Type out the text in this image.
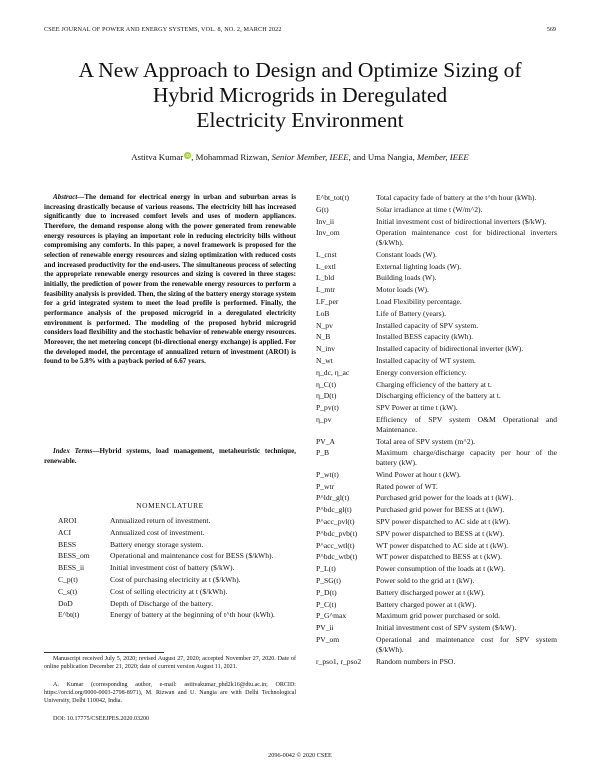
CSEE JOURNAL OF POWER AND ENERGY SYSTEMS, VOL. 8, NO. 2, MARCH 2022	569
A New Approach to Design and Optimize Sizing of
Hybrid Microgrids in Deregulated
Electricity Environment
Astitva Kumar iD, Mohammad Rizwan, Senior Member, IEEE, and Uma Nangia, Member, IEEE

Abstract—The demand for electrical energy in urban and suburban areas is increasing drastically because of various reasons. The electricity bill has increased significantly due to increased comfort levels and uses of modern appliances. Therefore, the demand response along with the power generated from renewable energy resources is playing an important role in reducing electricity bills without compromising any comforts. In this paper, a novel framework is proposed for the selection of renewable energy resources and sizing optimization with reduced costs and increased productivity for the end-users. The simultaneous process of selecting the appropriate renewable energy resources and sizing is covered in three stages: initially, the prediction of power from the renewable energy resources to perform a feasibility analysis is provided. Then, the sizing of the battery energy storage system for a grid integrated system to meet the load profile is performed. Finally, the performance analysis of the proposed microgrid in a deregulated electricity environment is performed. The modeling of the proposed hybrid microgrid considers load flexibility and the stochastic behavior of renewable energy resources. Moreover, the net metering concept (bi-directional energy exchange) is applied. For the developed model, the percentage of annualized return of investment (AROI) is found to be 5.8% with a payback period of 6.67 years.

Index Terms—Hybrid systems, load management, metaheuristic technique, renewable.

NOMENCLATURE
AROI	Annualized return of investment.
ACI	Annualized cost of investment.
BESS	Battery energy storage system.
BESS_om	Operational and maintenance cost for BESS ($/kWh).
BESS_ii	Initial investment cost of battery ($/kW).
C_p(t)	Cost of purchasing electricity at t ($/kWh).
C_s(t)	Cost of selling electricity at t ($/kWh).
DoD	Depth of Discharge of the battery.
E^bt(t)	Energy of battery at the beginning of t^th hour (kWh).
E^bt_tot(t)	Total capacity fade of battery at the t^th hour (kWh).
G(t)	Solar irradiance at time t (W/m^2).
Inv_ii	Initial investment cost of bidirectional inverters ($/kW).
Inv_om	Operation maintenance cost for bidirectional inverters ($/kWh).
L_cnst	Constant loads (W).
L_extl	External lighting loads (W).
L_bld	Building loads (W).
L_mtr	Motor loads (W).
LF_per	Load Flexibility percentage.
LoB	Life of Battery (years).
N_pv	Installed capacity of SPV system.
N_B	Installed BESS capacity (kWh).
N_inv	Installed capacity of bidirectional inverter (kW).
N_wt	Installed capacity of WT system.
η_dc, η_ac	Energy conversion efficiency.
η_C(t)	Charging efficiency of the battery at t.
η_D(t)	Discharging efficiency of the battery at t.
P_pv(t)	SPV Power at time t (kW).
η_pv	Efficiency of SPV system O&M Operational and Maintenance.
PV_A	Total area of SPV system (m^2).
P_B	Maximum charge/discharge capacity per hour of the battery (kW).
P_wt(t)	Wind Power at hour t (kW).
P_wtr	Rated power of WT.
P^ldr_gl(t)	Purchased grid power for the loads at t (kW).
P^bdc_gl(t)	Purchased grid power for BESS at t (kW).
P^acc_pvl(t)	SPV power dispatched to AC side at t (kW).
P^bdc_pvb(t)	SPV power dispatched to BESS at t (kW).
P^acc_wtl(t)	WT power dispatched to AC side at t (kW).
P^bdc_wtb(t)	WT power dispatched to BESS at t (kW).
P_L(t)	Power consumption of the loads at t (kW).
P_SG(t)	Power sold to the grid at t (kW).
P_D(t)	Battery discharged power at t (kW).
P_C(t)	Battery charged power at t (kW).
P_G^max	Maximum grid power purchased or sold.
PV_ii	Initial investment cost of SPV system ($/kW).
PV_om	Operational and maintenance cost for SPV system ($/kWh).
r_pso1, r_pso2	Random numbers in PSO.

Manuscript received July 5, 2020; revised August 27, 2020; accepted November 27, 2020. Date of online publication December 21, 2020; date of current version August 11, 2021.

A. Kumar (corresponding author, e-mail: astitvakumar_phd2k16@dtu.ac.in; ORCID: https://orcid.org/0000-0003-2798-8971), M. Rizwan and U. Nangia are with Delhi Technological University, Delhi 110042, India.

DOI: 10.17775/CSEEJPES.2020.03200

2096-0042 © 2020 CSEE
